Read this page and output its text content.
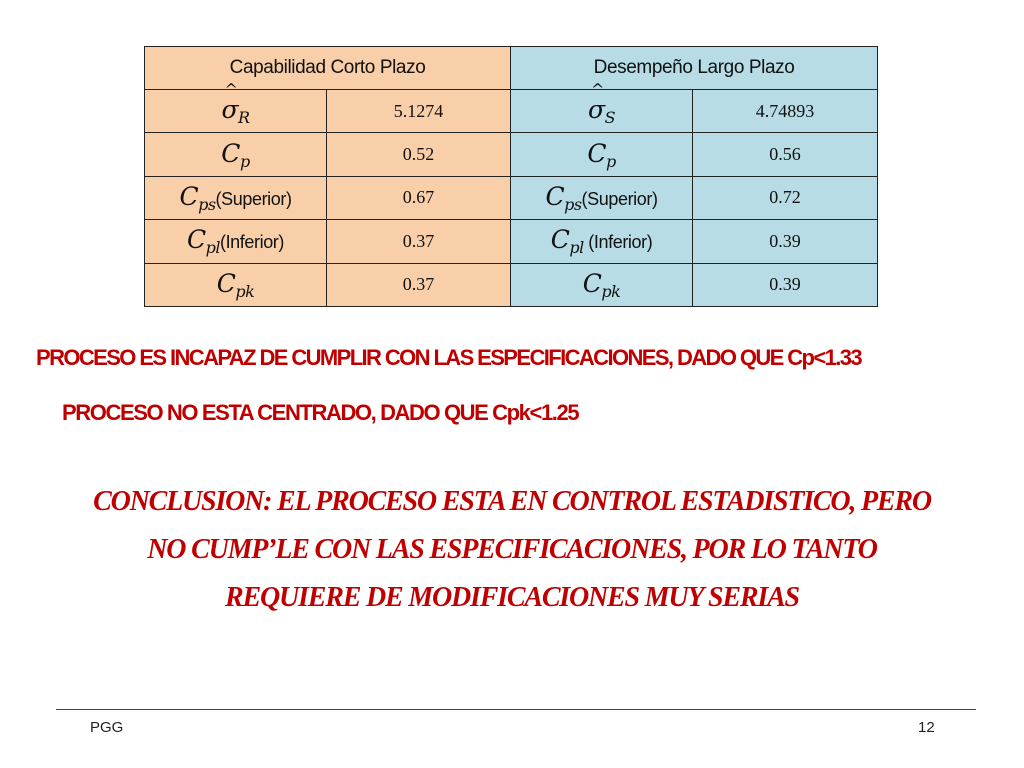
Capabilidad Corto Plazo		Desempeño Largo Plazo	
^ $\sigma_R$	5.1274	^ $\sigma_S$	4.74893
$C_p$	0.52	$C_p$	0.56
$C_{ps}(Superior)$	0.67	$C_{ps}(Superior)$	0.72
$C_{pl}(Inferior)$	0.37	$C_{pl}$ (Inferior)	0.39
$C_{pk}$	0.37	$C_{pk}$	0.39
PROCESO ES INCAPAZ DE CUMPLIR CON LAS ESPECIFICACIONES, DADO QUE Cp<1.33
PROCESO NO ESTA CENTRADO, DADO QUE Cpk<1.25
CONCLUSION: EL PROCESO ESTA EN CONTROL ESTADISTICO, PERO
NO CUMP’LE CON LAS ESPECIFICACIONES, POR LO TANTO
REQUIERE DE MODIFICACIONES MUY SERIAS
PGG	12
